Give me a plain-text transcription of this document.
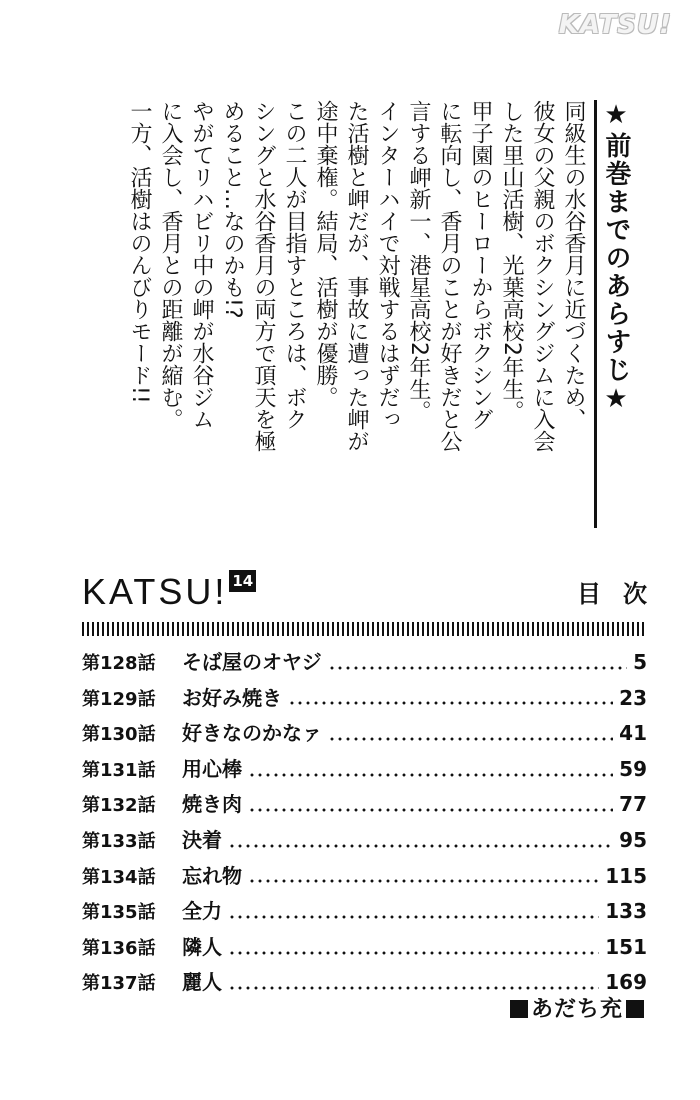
KATSU!
★前巻までのあらすじ★

同級生の水谷香月に近づくため、

彼女の父親のボクシングジムに入会

した里山活樹、光葉高校2年生。

甲子園のヒーローからボクシング

に転向し、香月のことが好きだと公

言する岬新一、港星高校2年生。

インターハイで対戦するはずだっ

た活樹と岬だが、事故に遭った岬が

途中棄権。結局、活樹が優勝。

この二人が目指すところは、ボク

シングと水谷香月の両方で頂天を極

めること…なのかも!?

やがてリハビリ中の岬が水谷ジム

に入会し、香月との距離が縮む。

一方、活樹はのんびりモード!!

KATSU! 14	目次
第128話	そば屋のオヤジ	5
第129話	お好み焼き	23
第130話	好きなのかなァ	41
第131話	用心棒	59
第132話	焼き肉	77
第133話	決着	95
第134話	忘れ物	115
第135話	全力	133
第136話	隣人	151
第137話	麗人	169
あだち充
